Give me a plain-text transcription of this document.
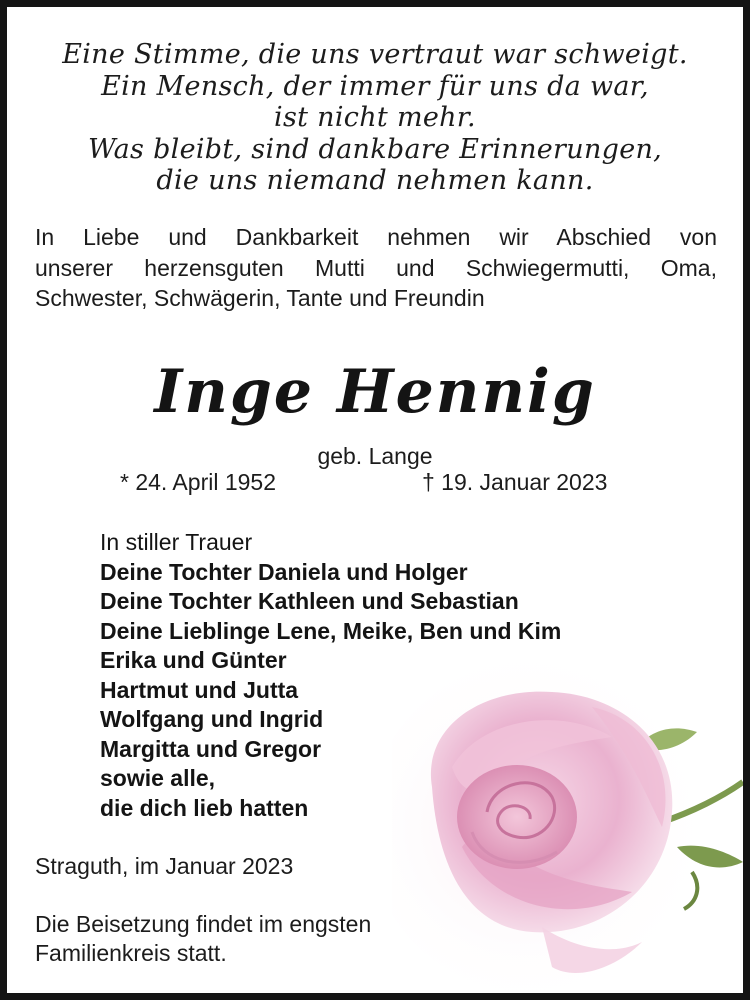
Eine Stimme, die uns vertraut war schweigt.
Ein Mensch, der immer für uns da war,
ist nicht mehr.
Was bleibt, sind dankbare Erinnerungen,
die uns niemand nehmen kann.
In Liebe und Dankbarkeit nehmen wir Abschied von
unserer herzensguten Mutti und Schwiegermutti, Oma,
Schwester, Schwägerin, Tante und Freundin
Inge Hennig
geb. Lange
* 24. April 1952	† 19. Januar 2023
In stiller Trauer
Deine Tochter Daniela und Holger
Deine Tochter Kathleen und Sebastian
Deine Lieblinge Lene, Meike, Ben und Kim
Erika und Günter
Hartmut und Jutta
Wolfgang und Ingrid
Margitta und Gregor
sowie alle,
die dich lieb hatten
Straguth, im Januar 2023
Die Beisetzung findet im engsten
Familienkreis statt.
